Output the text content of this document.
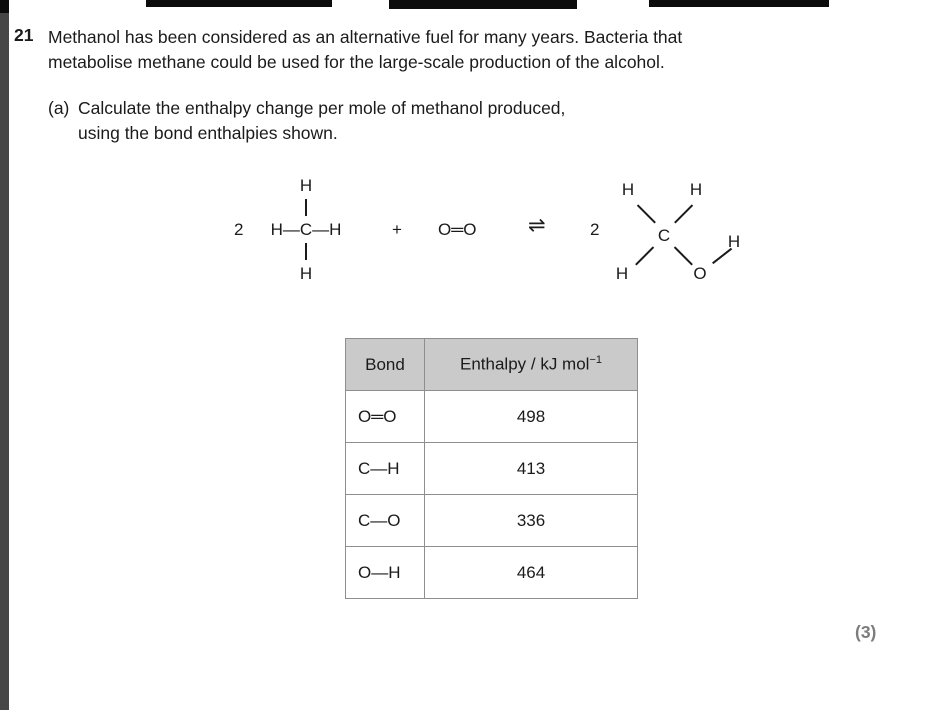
21 Methanol has been considered as an alternative fuel for many years. Bacteria that
metabolise methane could be used for the large-scale production of the alcohol.
(a) Calculate the enthalpy change per mole of methanol produced,
using the bond enthalpies shown.
2
H
H—C—H
H
+ O═O ⇌	2
H	H
C
H	O
H
Bond	Enthalpy / kJ mol$^{-1}$
O═O	498
C—H	413
C—O	336
O—H	464
(3)
